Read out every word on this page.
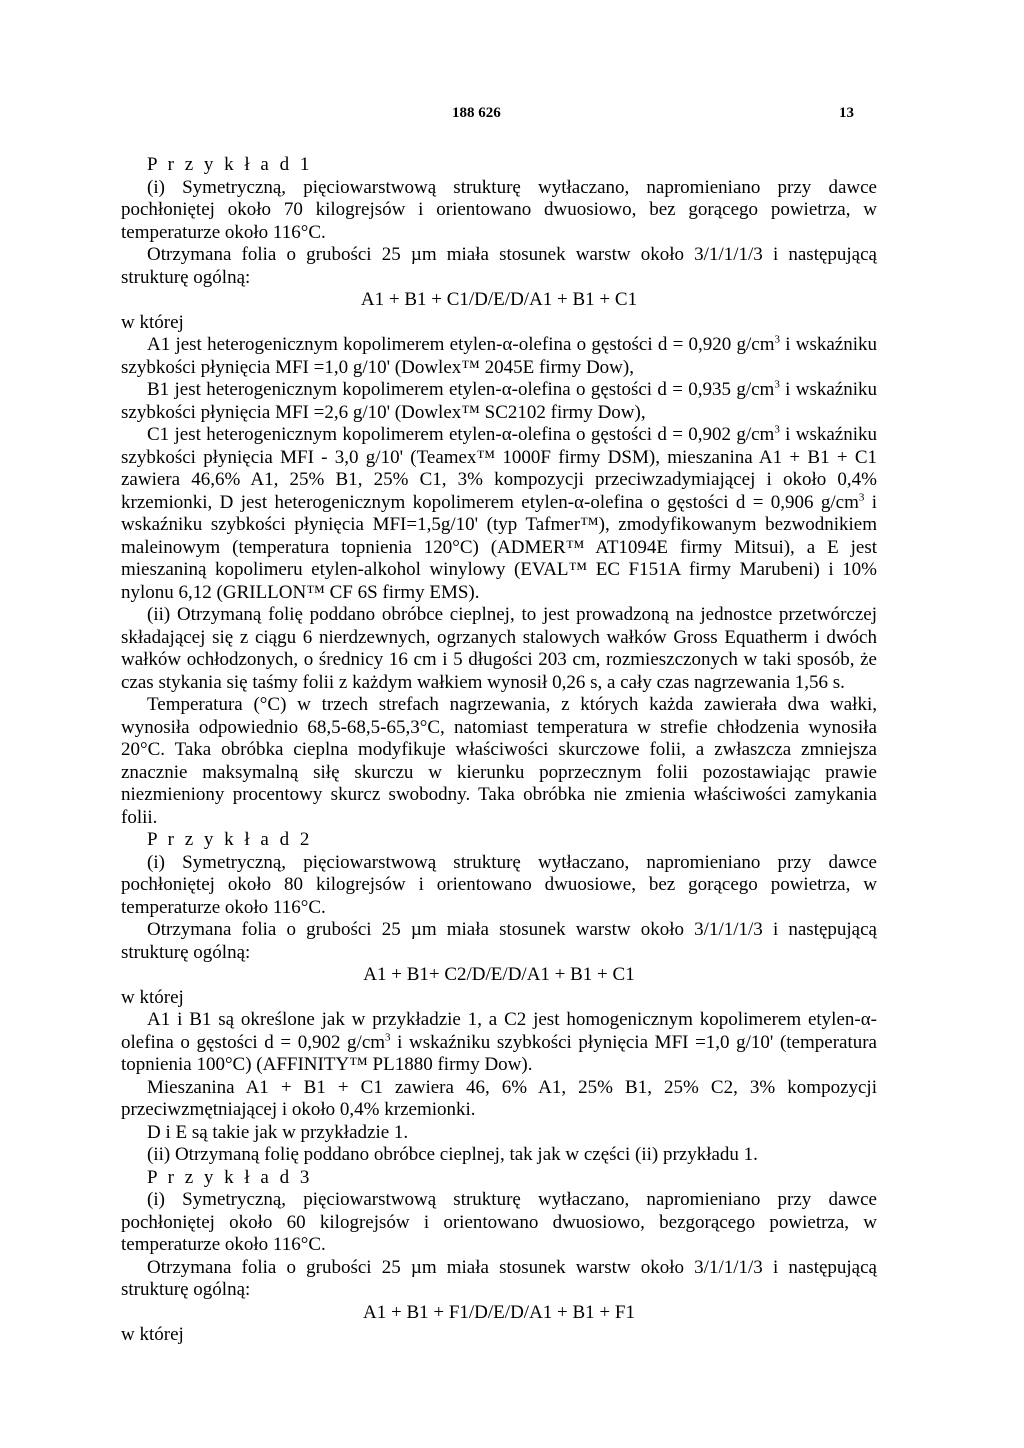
188 626	13

P r z y k ł a d 1

(i) Symetryczną, pięciowarstwową strukturę wytłaczano, napromieniano przy dawce pochłoniętej około 70 kilogrejsów i orientowano dwuosiowo, bez gorącego powietrza, w temperaturze około 116°C.

Otrzymana folia o grubości 25 µm miała stosunek warstw około 3/1/1/1/3 i następującą strukturę ogólną:

A1 + B1 + C1/D/E/D/A1 + B1 + C1

w której

A1 jest heterogenicznym kopolimerem etylen-α-olefina o gęstości d = 0,920 $g/cm^3$ i wskaźniku szybkości płynięcia MFI =1,0 g/10' (Dowlex™ 2045E firmy Dow),

B1 jest heterogenicznym kopolimerem etylen-α-olefina o gęstości d = 0,935 $g/cm^3$ i wskaźniku szybkości płynięcia MFI =2,6 g/10' (Dowlex™ SC2102 firmy Dow),

C1 jest heterogenicznym kopolimerem etylen-α-olefina o gęstości d = 0,902 $g/cm^3$ i wskaźniku szybkości płynięcia MFI - 3,0 g/10' (Teamex™ 1000F firmy DSM), mieszanina A1 + B1 + C1 zawiera 46,6% A1, 25% B1, 25% C1, 3% kompozycji przeciwzadymiającej i około 0,4% krzemionki, D jest heterogenicznym kopolimerem etylen-α-olefina o gęstości d = 0,906 $g/cm^3$ i wskaźniku szybkości płynięcia MFI=1,5g/10' (typ Tafmer™), zmodyfikowanym bezwodnikiem maleinowym (temperatura topnienia 120°C) (ADMER™ AT1094E firmy Mitsui), a E jest mieszaniną kopolimeru etylen-alkohol winylowy (EVAL™ EC F151A firmy Marubeni) i 10% nylonu 6,12 (GRILLON™ CF 6S firmy EMS).

(ii) Otrzymaną folię poddano obróbce cieplnej, to jest prowadzoną na jednostce przetwórczej składającej się z ciągu 6 nierdzewnych, ogrzanych stalowych wałków Gross Equatherm i dwóch wałków ochłodzonych, o średnicy 16 cm i 5 długości 203 cm, rozmieszczonych w taki sposób, że czas stykania się taśmy folii z każdym wałkiem wynosił 0,26 s, a cały czas nagrzewania 1,56 s.

Temperatura (°C) w trzech strefach nagrzewania, z których każda zawierała dwa wałki, wynosiła odpowiednio 68,5-68,5-65,3°C, natomiast temperatura w strefie chłodzenia wynosiła 20°C. Taka obróbka cieplna modyfikuje właściwości skurczowe folii, a zwłaszcza zmniejsza znacznie maksymalną siłę skurczu w kierunku poprzecznym folii pozostawiając prawie niezmieniony procentowy skurcz swobodny. Taka obróbka nie zmienia właściwości zamykania folii.

P r z y k ł a d 2

(i) Symetryczną, pięciowarstwową strukturę wytłaczano, napromieniano przy dawce pochłoniętej około 80 kilogrejsów i orientowano dwuosiowe, bez gorącego powietrza, w temperaturze około 116°C.

Otrzymana folia o grubości 25 µm miała stosunek warstw około 3/1/1/1/3 i następującą strukturę ogólną:

A1 + B1+ C2/D/E/D/A1 + B1 + C1

w której

A1 i B1 są określone jak w przykładzie 1, a C2 jest homogenicznym kopolimerem etylen-α-olefina o gęstości d = 0,902 $g/cm^3$ i wskaźniku szybkości płynięcia MFI =1,0 g/10' (temperatura topnienia 100°C) (AFFINITY™ PL1880 firmy Dow).

Mieszanina A1 + B1 + C1 zawiera 46, 6% A1, 25% B1, 25% C2, 3% kompozycji przeciwzmętniającej i około 0,4% krzemionki.

D i E są takie jak w przykładzie 1.

(ii) Otrzymaną folię poddano obróbce cieplnej, tak jak w części (ii) przykładu 1.

P r z y k ł a d 3

(i) Symetryczną, pięciowarstwową strukturę wytłaczano, napromieniano przy dawce pochłoniętej około 60 kilogrejsów i orientowano dwuosiowo, bezgorącego powietrza, w temperaturze około 116°C.

Otrzymana folia o grubości 25 µm miała stosunek warstw około 3/1/1/1/3 i następującą strukturę ogólną:

A1 + B1 + F1/D/E/D/A1 + B1 + F1

w której
